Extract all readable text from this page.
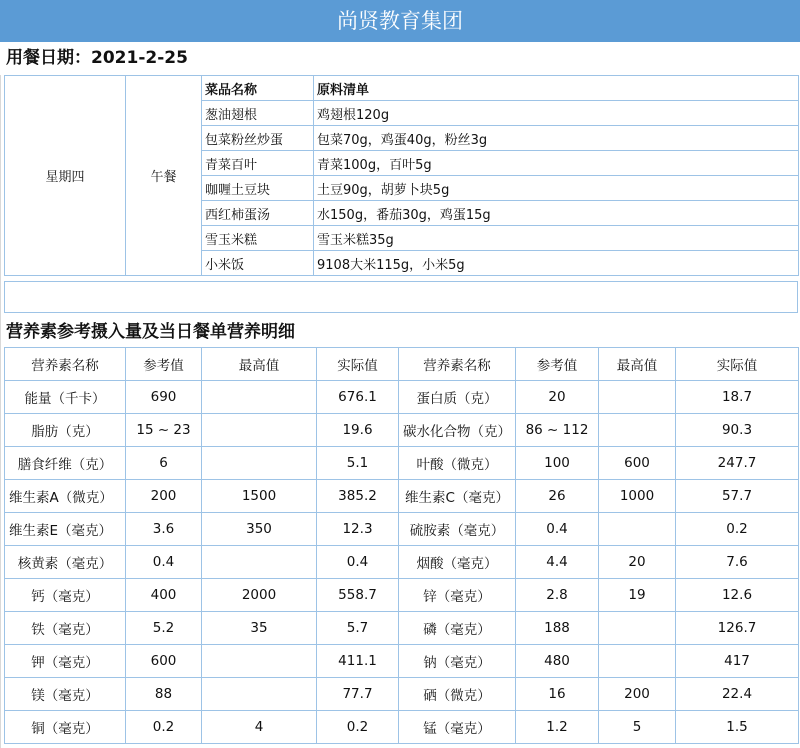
尚贤教育集团
用餐日期：2021-2-25
星期四	午餐	菜品名称	原料清单
		葱油翅根	鸡翅根120g
		包菜粉丝炒蛋	包菜70g，鸡蛋40g，粉丝3g
		青菜百叶	青菜100g，百叶5g
		咖喱土豆块	土豆90g，胡萝卜块5g
		西红柿蛋汤	水150g，番茄30g，鸡蛋15g
		雪玉米糕	雪玉米糕35g
		小米饭	9108大米115g，小米5g
营养素参考摄入量及当日餐单营养明细
营养素名称	参考值	最高值	实际值	营养素名称	参考值	最高值	实际值
能量（千卡）	690		676.1	蛋白质（克）	20		18.7
脂肪（克）	15 ~ 23		19.6	碳水化合物（克）	86 ~ 112		90.3
膳食纤维（克）	6		5.1	叶酸（微克）	100	600	247.7
维生素A（微克）	200	1500	385.2	维生素C（毫克）	26	1000	57.7
维生素E（毫克）	3.6	350	12.3	硫胺素（毫克）	0.4		0.2
核黄素（毫克）	0.4		0.4	烟酸（毫克）	4.4	20	7.6
钙（毫克）	400	2000	558.7	锌（毫克）	2.8	19	12.6
铁（毫克）	5.2	35	5.7	磷（毫克）	188		126.7
钾（毫克）	600		411.1	钠（毫克）	480		417
镁（毫克）	88		77.7	硒（微克）	16	200	22.4
铜（毫克）	0.2	4	0.2	锰（毫克）	1.2	5	1.5
